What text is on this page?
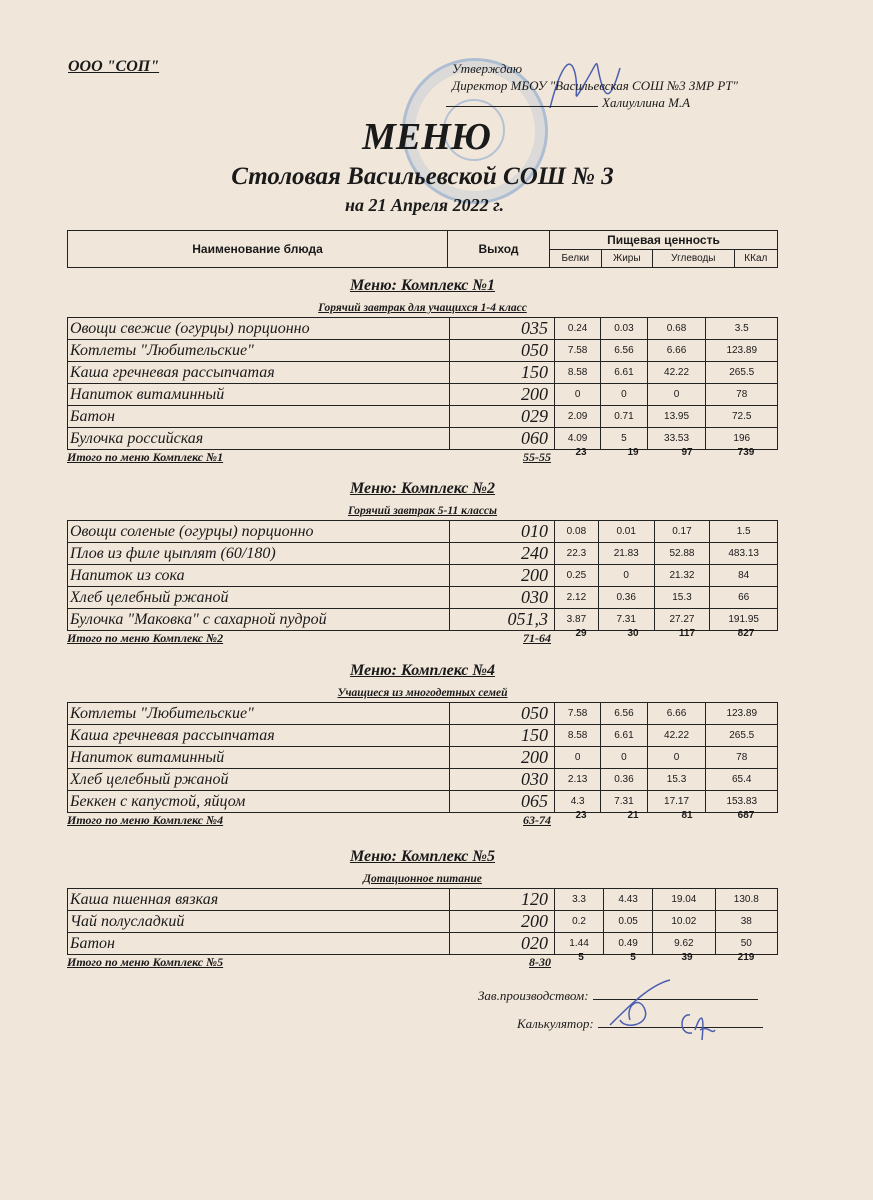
ООО "СОП"	Утверждаю
Директор МБОУ "Васильевская СОШ №3 ЗМР РТ"
Халиуллина М.А
МЕНЮ
Столовая Васильевской СОШ № 3
на 21 Апреля 2022 г.
Наименование блюда	Выход	Пищевая ценность			
		Белки	Жиры	Углеводы	ККал
Меню: Комплекс №1
Горячий завтрак для учащихся 1-4 класс
Овощи свежие (огурцы) порционно	035	0.24	0.03	0.68	3.5
Котлеты "Любительские"	050	7.58	6.56	6.66	123.89
Каша гречневая рассыпчатая	150	8.58	6.61	42.22	265.5
Напиток витаминный	200	0	0	0	78
Батон	029	2.09	0.71	13.95	72.5
Булочка российская	060	4.09	5	33.53	196
Итого по меню Комплекс №1	55-55	23	19	97	739
Меню: Комплекс №2
Горячий завтрак 5-11 классы
Овощи соленые (огурцы) порционно	010	0.08	0.01	0.17	1.5
Плов из филе цыплят (60/180)	240	22.3	21.83	52.88	483.13
Напиток из сока	200	0.25	0	21.32	84
Хлеб целебный ржаной	030	2.12	0.36	15.3	66
Булочка "Маковка" с сахарной пудрой	051,3	3.87	7.31	27.27	191.95
Итого по меню Комплекс №2	71-64	29	30	117	827
Меню: Комплекс №4
Учащиеся из многодетных семей
Котлеты "Любительские"	050	7.58	6.56	6.66	123.89
Каша гречневая рассыпчатая	150	8.58	6.61	42.22	265.5
Напиток витаминный	200	0	0	0	78
Хлеб целебный ржаной	030	2.13	0.36	15.3	65.4
Беккен с капустой, яйцом	065	4.3	7.31	17.17	153.83
Итого по меню Комплекс №4	63-74	23	21	81	687
Меню: Комплекс №5
Дотационное питание
Каша пшенная вязкая	120	3.3	4.43	19.04	130.8
Чай полусладкий	200	0.2	0.05	10.02	38
Батон	020	1.44	0.49	9.62	50
Итого по меню Комплекс №5	8-30	5	5	39	219
Зав.производством:
Калькулятор:
